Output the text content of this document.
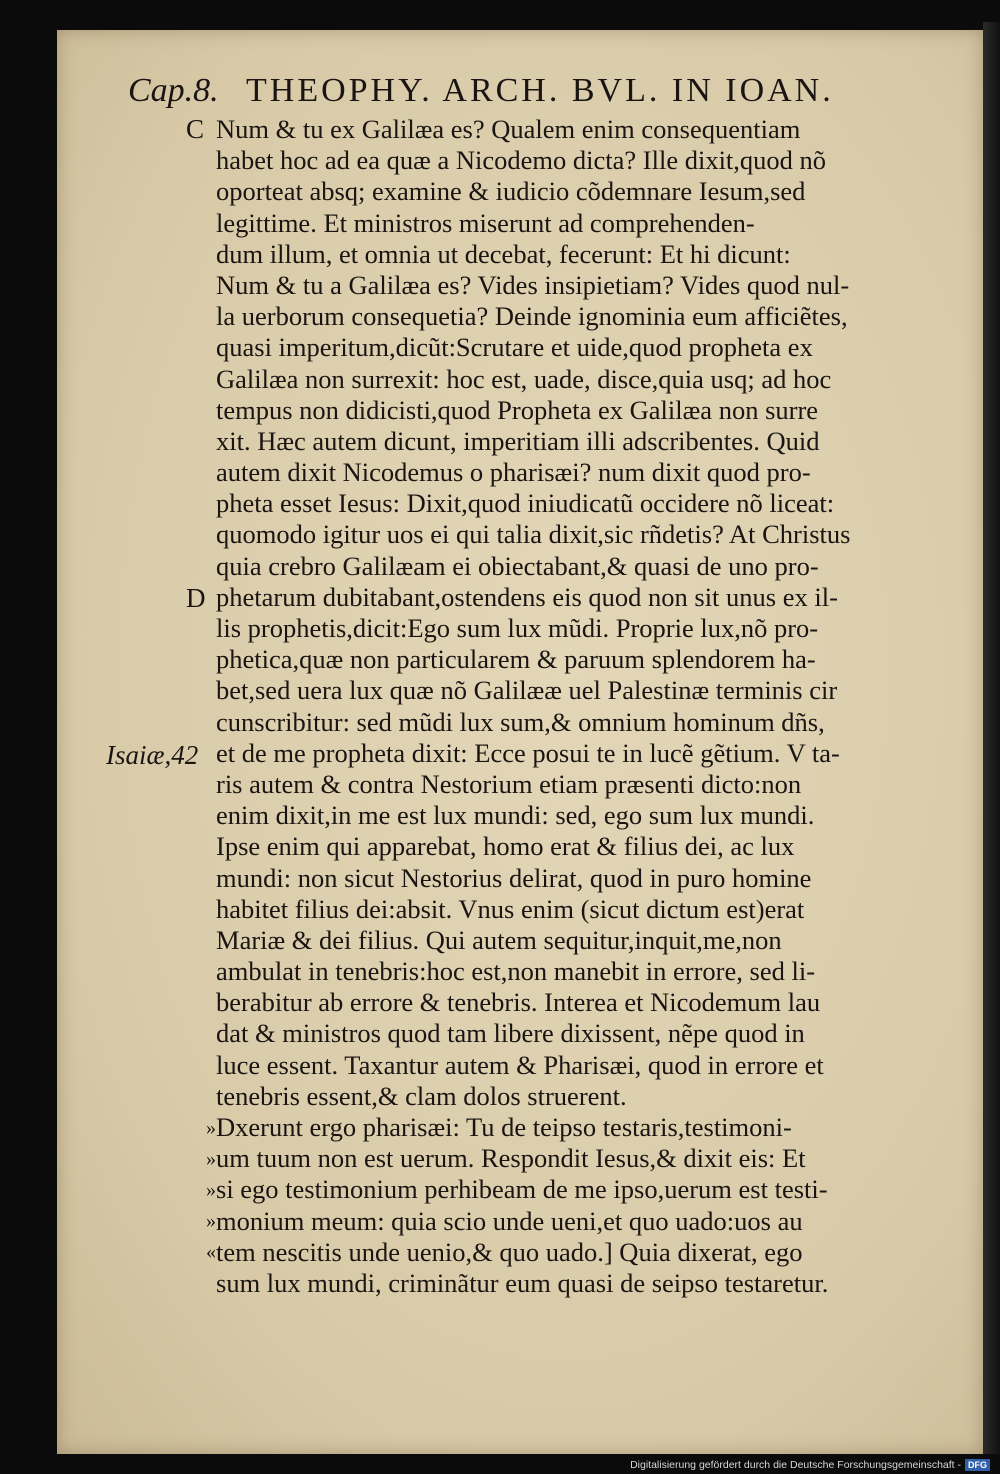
Cap.8. THEOPHY. ARCH. BVL. IN IOAN.
C
D
Isaiæ,42
»
»
»
»
«
Num & tu ex Galilæa es? Qualem enim consequentiam
habet hoc ad ea quæ a Nicodemo dicta? Ille dixit,quod nõ
oporteat absq; examine & iudicio cõdemnare Iesum,sed
legittime. Et ministros miserunt ad comprehenden-
dum illum, et omnia ut decebat, fecerunt: Et hi dicunt:
Num & tu a Galilæa es? Vides insipietiam? Vides quod nul-
la uerborum consequetia? Deinde ignominia eum afficiẽtes,
quasi imperitum,dicũt:Scrutare et uide,quod propheta ex
Galilæa non surrexit: hoc est, uade, disce,quia usq; ad hoc
tempus non didicisti,quod Propheta ex Galilæa non surre
xit. Hæc autem dicunt, imperitiam illi adscribentes. Quid
autem dixit Nicodemus o pharisæi? num dixit quod pro-
pheta esset Iesus: Dixit,quod iniudicatũ occidere nõ liceat:
quomodo igitur uos ei qui talia dixit,sic rñdetis? At Christus
quia crebro Galilæam ei obiectabant,& quasi de uno pro-
phetarum dubitabant,ostendens eis quod non sit unus ex il-
lis prophetis,dicit:Ego sum lux mũdi. Proprie lux,nõ pro-
phetica,quæ non particularem & paruum splendorem ha-
bet,sed uera lux quæ nõ Galilææ uel Palestinæ terminis cir
cunscribitur: sed mũdi lux sum,& omnium hominum dñs,
et de me propheta dixit: Ecce posui te in lucẽ gẽtium. V ta-
ris autem & contra Nestorium etiam præsenti dicto:non
enim dixit,in me est lux mundi: sed, ego sum lux mundi.
Ipse enim qui apparebat, homo erat & filius dei, ac lux
mundi: non sicut Nestorius delirat, quod in puro homine
habitet filius dei:absit. Vnus enim (sicut dictum est)erat
Mariæ & dei filius. Qui autem sequitur,inquit,me,non
ambulat in tenebris:hoc est,non manebit in errore, sed li-
berabitur ab errore & tenebris. Interea et Nicodemum lau
dat & ministros quod tam libere dixissent, nẽpe quod in
luce essent. Taxantur autem & Pharisæi, quod in errore et
tenebris essent,& clam dolos struerent.
Dxerunt ergo pharisæi: Tu de teipso testaris,testimoni-
um tuum non est uerum. Respondit Iesus,& dixit eis: Et
si ego testimonium perhibeam de me ipso,uerum est testi-
monium meum: quia scio unde ueni,et quo uado:uos au
tem nescitis unde uenio,& quo uado.] Quia dixerat, ego
sum lux mundi, criminãtur eum quasi de seipso testaretur.
Digitalisierung gefördert durch die Deutsche Forschungsgemeinschaft - DFG
